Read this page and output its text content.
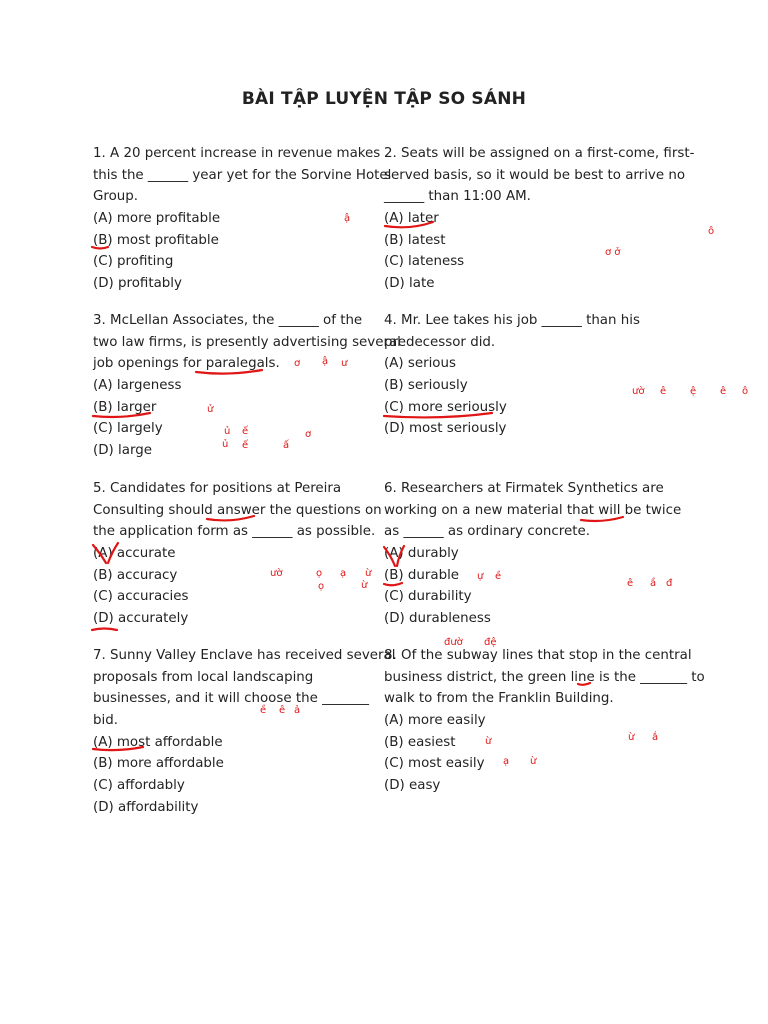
BÀI TẬP LUYỆN TẬP SO SÁNH
1. A 20 percent increase in revenue makes
this the ______ year yet for the Sorvine Hotel
Group.
(A) more profitable
(B) most profitable
(C) profiting
(D) profitably
2. Seats will be assigned on a first-come, first-
served basis, so it would be best to arrive no
______ than 11:00 AM.
(A) later
(B) latest
(C) lateness
(D) late
3. McLellan Associates, the ______ of the
two law firms, is presently advertising several
job openings for paralegals.
(A) largeness
(B) larger
(C) largely
(D) large
4. Mr. Lee takes his job ______ than his
predecessor did.
(A) serious
(B) seriously
(C) more seriously
(D) most seriously
5. Candidates for positions at Pereira
Consulting should answer the questions on
the application form as ______ as possible.
(A) accurate
(B) accuracy
(C) accuracies
(D) accurately
6. Researchers at Firmatek Synthetics are
working on a new material that will be twice
as ______ as ordinary concrete.
(A) durably
(B) durable
(C) durability
(D) durableness
7. Sunny Valley Enclave has received several
proposals from local landscaping
businesses, and it will choose the _______
bid.
(A) most affordable
(B) more affordable
(C) affordably
(D) affordability
8. Of the subway lines that stop in the central
business district, the green line is the _______ to
walk to from the Franklin Building.
(A) more easily
(B) easiest
(C) most easily
(D) easy
ậ
ô
ơ ở
ơ ậ ư
ườ ê ệ ê ô
ử
ủ ế	ơ
ủ ế	ấ
ườ	ọ ạ ừ
ọ	ừ
ự ề
ê ầ đ
đườ đệ
ề ê ả
ừ	ừ ắ
ạ ừ
